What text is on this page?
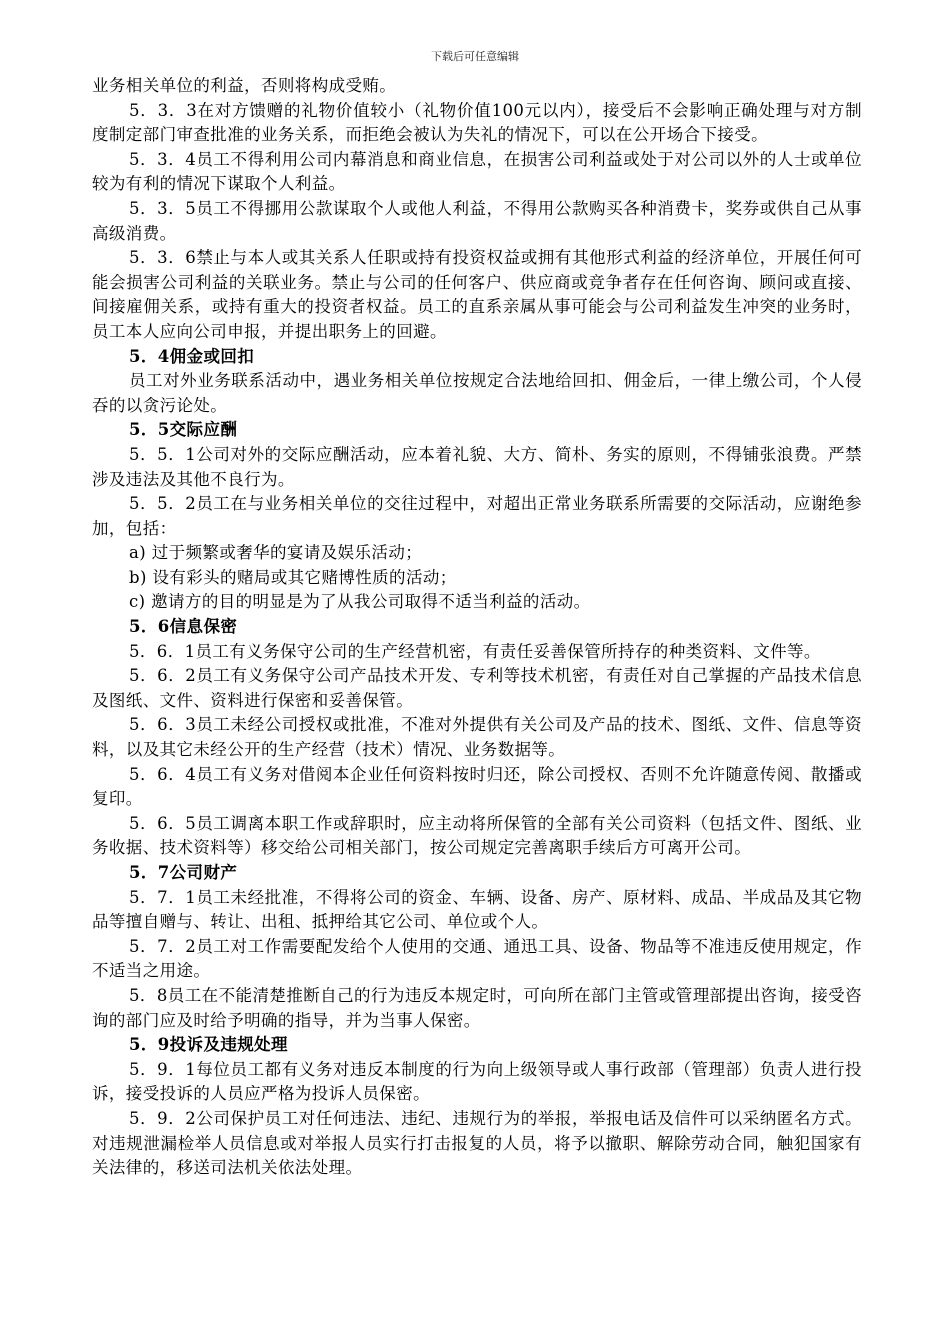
下载后可任意编辑

业务相关单位的利益，否则将构成受贿。

5．3．3在对方馈赠的礼物价值较小（礼物价值100元以内），接受后不会影响正确处理与对方制度制定部门审查批准的业务关系，而拒绝会被认为失礼的情况下，可以在公开场合下接受。

5．3．4员工不得利用公司内幕消息和商业信息，在损害公司利益或处于对公司以外的人士或单位较为有利的情况下谋取个人利益。

5．3．5员工不得挪用公款谋取个人或他人利益，不得用公款购买各种消费卡，奖券或供自己从事高级消费。

5．3．6禁止与本人或其关系人任职或持有投资权益或拥有其他形式利益的经济单位，开展任何可能会损害公司利益的关联业务。禁止与公司的任何客户、供应商或竞争者存在任何咨询、顾问或直接、间接雇佣关系，或持有重大的投资者权益。员工的直系亲属从事可能会与公司利益发生冲突的业务时，员工本人应向公司申报，并提出职务上的回避。

5．4佣金或回扣

员工对外业务联系活动中，遇业务相关单位按规定合法地给回扣、佣金后，一律上缴公司，个人侵吞的以贪污论处。

5．5交际应酬

5．5．1公司对外的交际应酬活动，应本着礼貌、大方、简朴、务实的原则，不得铺张浪费。严禁涉及违法及其他不良行为。

5．5．2员工在与业务相关单位的交往过程中，对超出正常业务联系所需要的交际活动，应谢绝参加，包括：

a) 过于频繁或奢华的宴请及娱乐活动；

b) 设有彩头的赌局或其它赌博性质的活动；

c) 邀请方的目的明显是为了从我公司取得不适当利益的活动。

5．6信息保密

5．6．1员工有义务保守公司的生产经营机密，有责任妥善保管所持存的种类资料、文件等。

5．6．2员工有义务保守公司产品技术开发、专利等技术机密，有责任对自己掌握的产品技术信息及图纸、文件、资料进行保密和妥善保管。

5．6．3员工未经公司授权或批准，不准对外提供有关公司及产品的技术、图纸、文件、信息等资料，以及其它未经公开的生产经营（技术）情况、业务数据等。

5．6．4员工有义务对借阅本企业任何资料按时归还，除公司授权、否则不允许随意传阅、散播或复印。

5．6．5员工调离本职工作或辞职时，应主动将所保管的全部有关公司资料（包括文件、图纸、业务收据、技术资料等）移交给公司相关部门，按公司规定完善离职手续后方可离开公司。

5．7公司财产

5．7．1员工未经批准，不得将公司的资金、车辆、设备、房产、原材料、成品、半成品及其它物品等擅自赠与、转让、出租、抵押给其它公司、单位或个人。

5．7．2员工对工作需要配发给个人使用的交通、通迅工具、设备、物品等不准违反使用规定，作不适当之用途。

5．8员工在不能清楚推断自己的行为违反本规定时，可向所在部门主管或管理部提出咨询，接受咨询的部门应及时给予明确的指导，并为当事人保密。

5．9投诉及违规处理

5．9．1每位员工都有义务对违反本制度的行为向上级领导或人事行政部（管理部）负责人进行投诉，接受投诉的人员应严格为投诉人员保密。

5．9．2公司保护员工对任何违法、违纪、违规行为的举报，举报电话及信件可以采纳匿名方式。对违规泄漏检举人员信息或对举报人员实行打击报复的人员，将予以撤职、解除劳动合同，触犯国家有关法律的，移送司法机关依法处理。
